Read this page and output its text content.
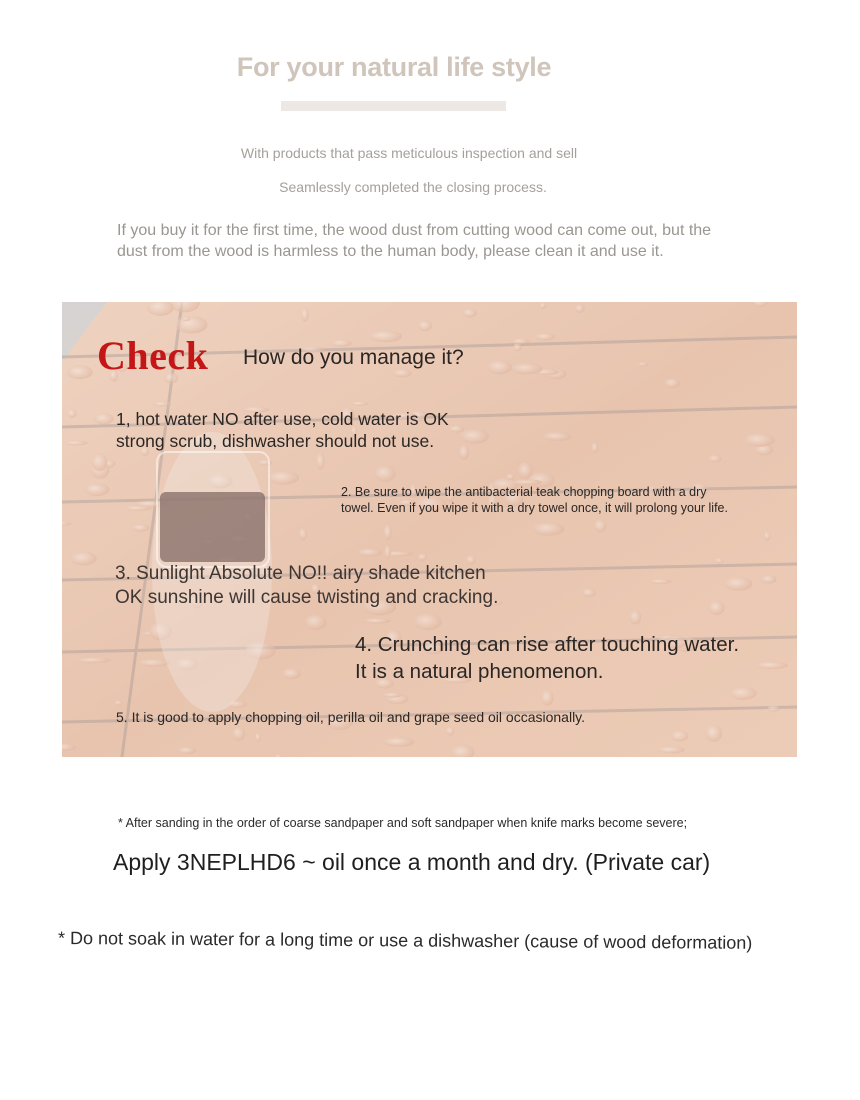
For your natural life style
With products that pass meticulous inspection and sell
Seamlessly completed the closing process.
If you buy it for the first time, the wood dust from cutting wood can come out, but the dust from the wood is harmless to the human body, please clean it and use it.
Check How do you manage it?
1, hot water NO after use, cold water is OK
strong scrub, dishwasher should not use.
2. Be sure to wipe the antibacterial teak chopping board with a dry
towel. Even if you wipe it with a dry towel once, it will prolong your life.
3. Sunlight Absolute NO!! airy shade kitchen
OK sunshine will cause twisting and cracking.
4. Crunching can rise after touching water.
It is a natural phenomenon.
5. It is good to apply chopping oil, perilla oil and grape seed oil occasionally.
* After sanding in the order of coarse sandpaper and soft sandpaper when knife marks become severe;
Apply 3NEPLHD6 ~ oil once a month and dry. (Private car)
* Do not soak in water for a long time or use a dishwasher (cause of wood deformation)
